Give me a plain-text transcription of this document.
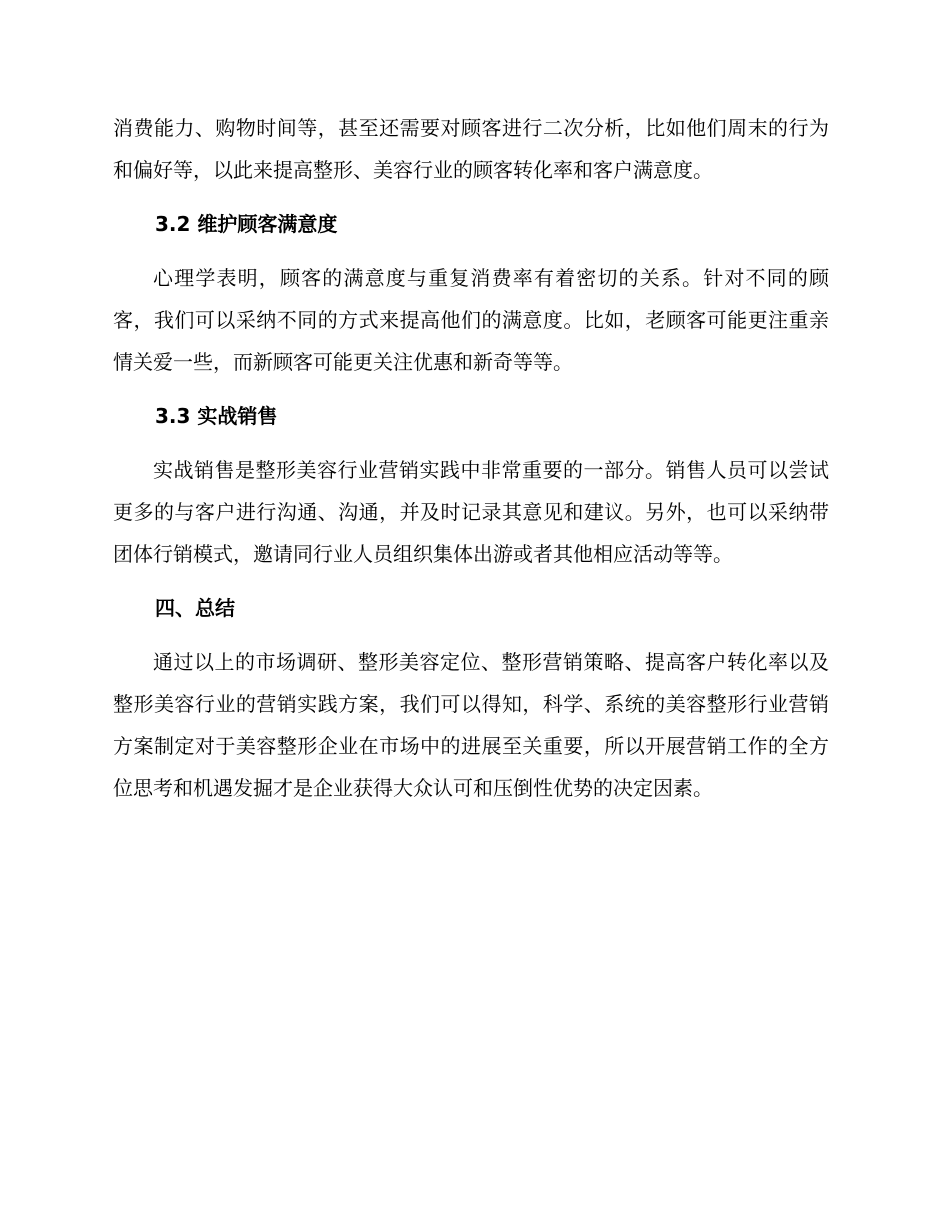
消费能力、购物时间等，甚至还需要对顾客进行二次分析，比如他们周末的行为和偏好等，以此来提高整形、美容行业的顾客转化率和客户满意度。

3.2 维护顾客满意度

心理学表明，顾客的满意度与重复消费率有着密切的关系。针对不同的顾客，我们可以采纳不同的方式来提高他们的满意度。比如，老顾客可能更注重亲情关爱一些，而新顾客可能更关注优惠和新奇等等。

3.3 实战销售

实战销售是整形美容行业营销实践中非常重要的一部分。销售人员可以尝试更多的与客户进行沟通、沟通，并及时记录其意见和建议。另外，也可以采纳带团体行销模式，邀请同行业人员组织集体出游或者其他相应活动等等。

四、总结

通过以上的市场调研、整形美容定位、整形营销策略、提高客户转化率以及整形美容行业的营销实践方案，我们可以得知，科学、系统的美容整形行业营销方案制定对于美容整形企业在市场中的进展至关重要，所以开展营销工作的全方位思考和机遇发掘才是企业获得大众认可和压倒性优势的决定因素。
